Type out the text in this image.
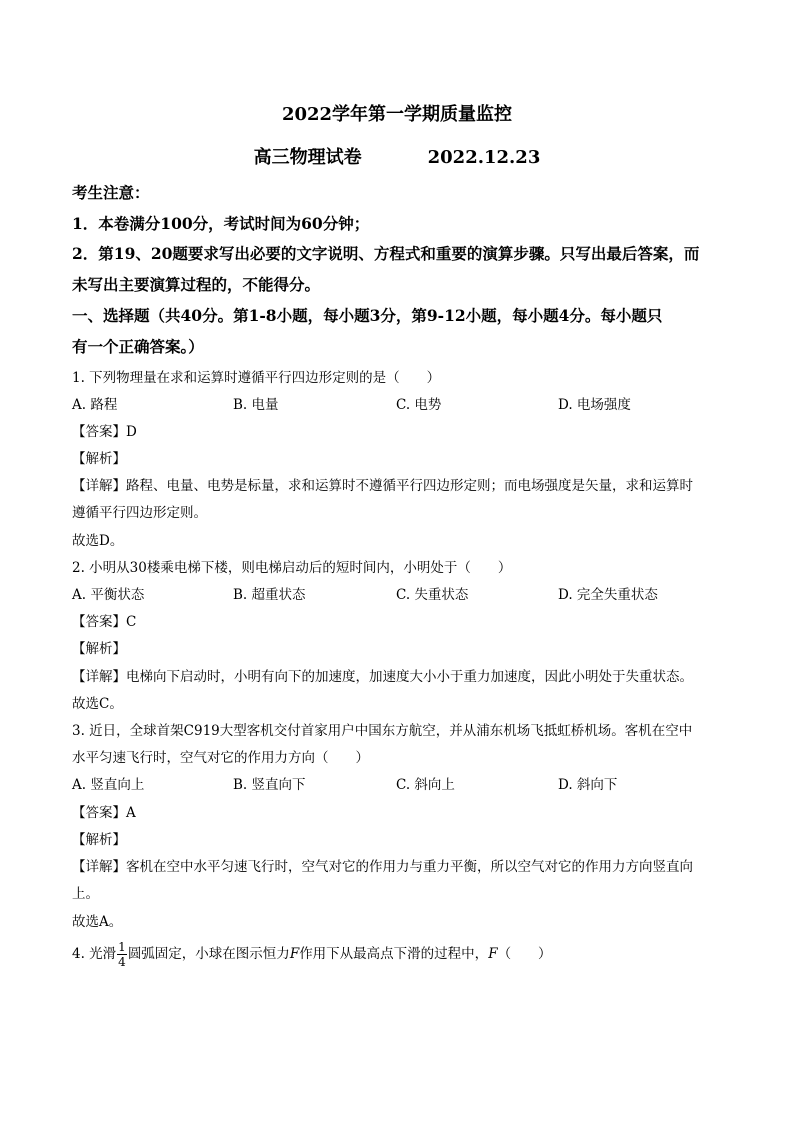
2022学年第一学期质量监控
高三物理试卷	2022.12.23
考生注意：
1．本卷满分100分，考试时间为60分钟；
2．第19、20题要求写出必要的文字说明、方程式和重要的演算步骤。只写出最后答案，而
未写出主要演算过程的，不能得分。
一、选择题（共40分。第1-8小题，每小题3分，第9-12小题，每小题4分。每小题只
有一个正确答案。）
1. 下列物理量在求和运算时遵循平行四边形定则的是（　　）
A. 路程	B. 电量	C. 电势	D. 电场强度
【答案】D
【解析】
【详解】路程、电量、电势是标量，求和运算时不遵循平行四边形定则；而电场强度是矢量，求和运算时
遵循平行四边形定则。
故选D。
2. 小明从30楼乘电梯下楼，则电梯启动后的短时间内，小明处于（　　）
A. 平衡状态	B. 超重状态	C. 失重状态	D. 完全失重状态
【答案】C
【解析】
【详解】电梯向下启动时，小明有向下的加速度，加速度大小小于重力加速度，因此小明处于失重状态。
故选C。
3. 近日，全球首架C919大型客机交付首家用户中国东方航空，并从浦东机场飞抵虹桥机场。客机在空中
水平匀速飞行时，空气对它的作用力方向（　　）
A. 竖直向上	B. 竖直向下	C. 斜向上	D. 斜向下
【答案】A
【解析】
【详解】客机在空中水平匀速飞行时，空气对它的作用力与重力平衡，所以空气对它的作用力方向竖直向
上。
故选A。
4. 光滑 $\frac{1}{4}$ 圆弧固定，小球在图示恒力F作用下从最高点下滑的过程中，F（　　）
